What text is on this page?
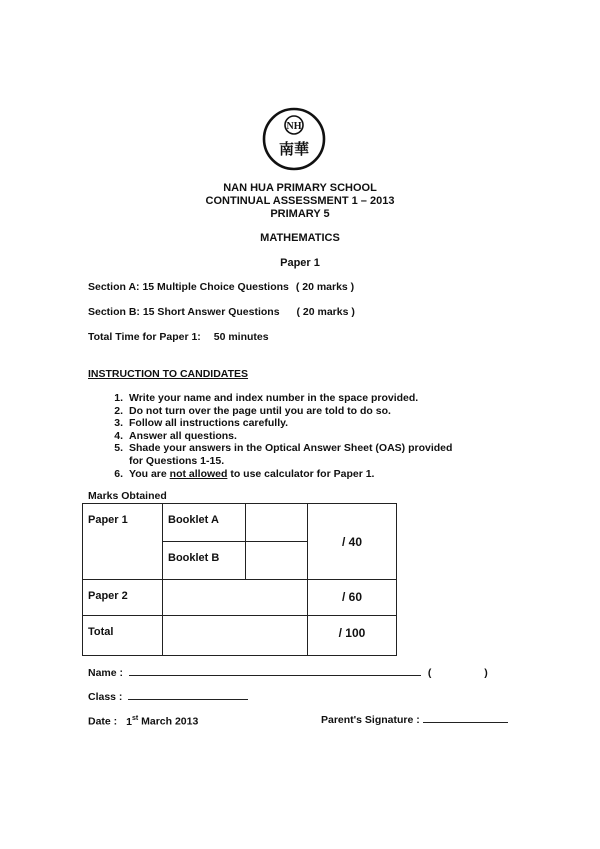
NH
南華
NAN HUA PRIMARY SCHOOL
CONTINUAL ASSESSMENT 1 – 2013
PRIMARY 5
MATHEMATICS
Paper 1
Section A: 15 Multiple Choice Questions ( 20 marks )
Section B: 15 Short Answer Questions ( 20 marks )
Total Time for Paper 1: 50 minutes
INSTRUCTION TO CANDIDATES
1. Write your name and index number in the space provided.
2. Do not turn over the page until you are told to do so.
3. Follow all instructions carefully.
4. Answer all questions.
5. Shade your answers in the Optical Answer Sheet (OAS) provided
for Questions 1-15.
6. You are not allowed to use calculator for Paper 1.
Marks Obtained
Paper 1	Booklet A		/ 40
	Booklet B		
Paper 2			/ 60
Total			/ 100
Name :	(	)
Class :
Date : 1st March 2013	Parent's Signature :
